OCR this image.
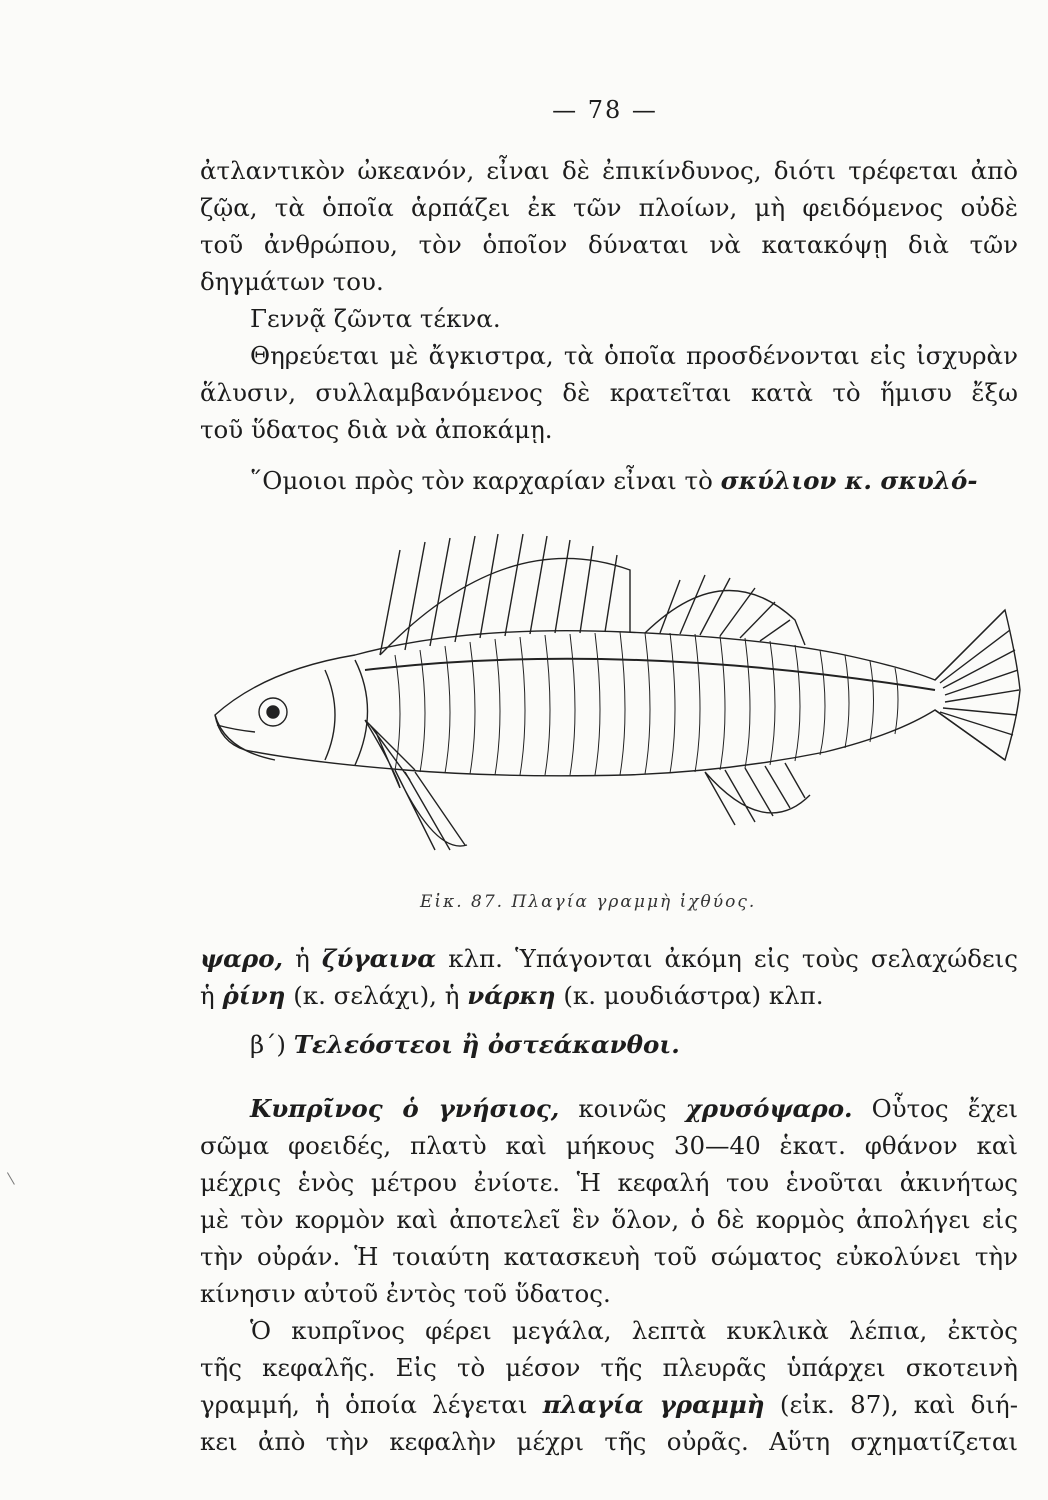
— 78 —
ἀτλαντικὸν ὠκεανόν, εἶναι δὲ ἐπικίνδυνος, διότι τρέφεται ἀπὸ
ζῷα, τὰ ὁποῖα ἁρπάζει ἐκ τῶν πλοίων, μὴ φειδόμενος οὐδὲ
τοῦ ἀνθρώπου, τὸν ὁποῖον δύναται νὰ κατακόψῃ διὰ τῶν
δηγμάτων του.
Γεννᾷ ζῶντα τέκνα.
Θηρεύεται μὲ ἄγκιστρα, τὰ ὁποῖα προσδένονται εἰς ἰσχυρὰν
ἅλυσιν, συλλαμβανόμενος δὲ κρατεῖται κατὰ τὸ ἥμισυ ἔξω
τοῦ ὕδατος διὰ νὰ ἀποκάμῃ.
῞Ομοιοι πρὸς τὸν καρχαρίαν εἶναι τὸ σκύλιον κ. σκυλό-
Εἰκ. 87. Πλαγία γραμμὴ ἰχθύος.
ψαρο, ἡ ζύγαινα κλπ. Ὑπάγονται ἀκόμη εἰς τοὺς σελαχώδεις
ἡ ῥίνη (κ. σελάχι), ἡ νάρκη (κ. μουδιάστρα) κλπ.
β΄) Τελεόστεοι ἢ ὀστεάκανθοι.
Κυπρῖνος ὁ γνήσιος, κοινῶς χρυσόψαρο. Οὗτος ἔχει
σῶμα φοειδές, πλατὺ καὶ μήκους 30—40 ἑκατ. φθάνον καὶ
μέχρις ἑνὸς μέτρου ἐνίοτε. Ἡ κεφαλή του ἑνοῦται ἀκινήτως
μὲ τὸν κορμὸν καὶ ἀποτελεῖ ἓν ὅλον, ὁ δὲ κορμὸς ἀπολήγει εἰς
τὴν οὐράν. Ἡ τοιαύτη κατασκευὴ τοῦ σώματος εὐκολύνει τὴν
κίνησιν αὐτοῦ ἐντὸς τοῦ ὕδατος.
Ὁ κυπρῖνος φέρει μεγάλα, λεπτὰ κυκλικὰ λέπια, ἐκτὸς
τῆς κεφαλῆς. Εἰς τὸ μέσον τῆς πλευρᾶς ὑπάρχει σκοτεινὴ
γραμμή, ἡ ὁποία λέγεται πλαγία γραμμὴ (εἰκ. 87), καὶ διή-
κει ἀπὸ τὴν κεφαλὴν μέχρι τῆς οὐρᾶς. Αὕτη σχηματίζεται
